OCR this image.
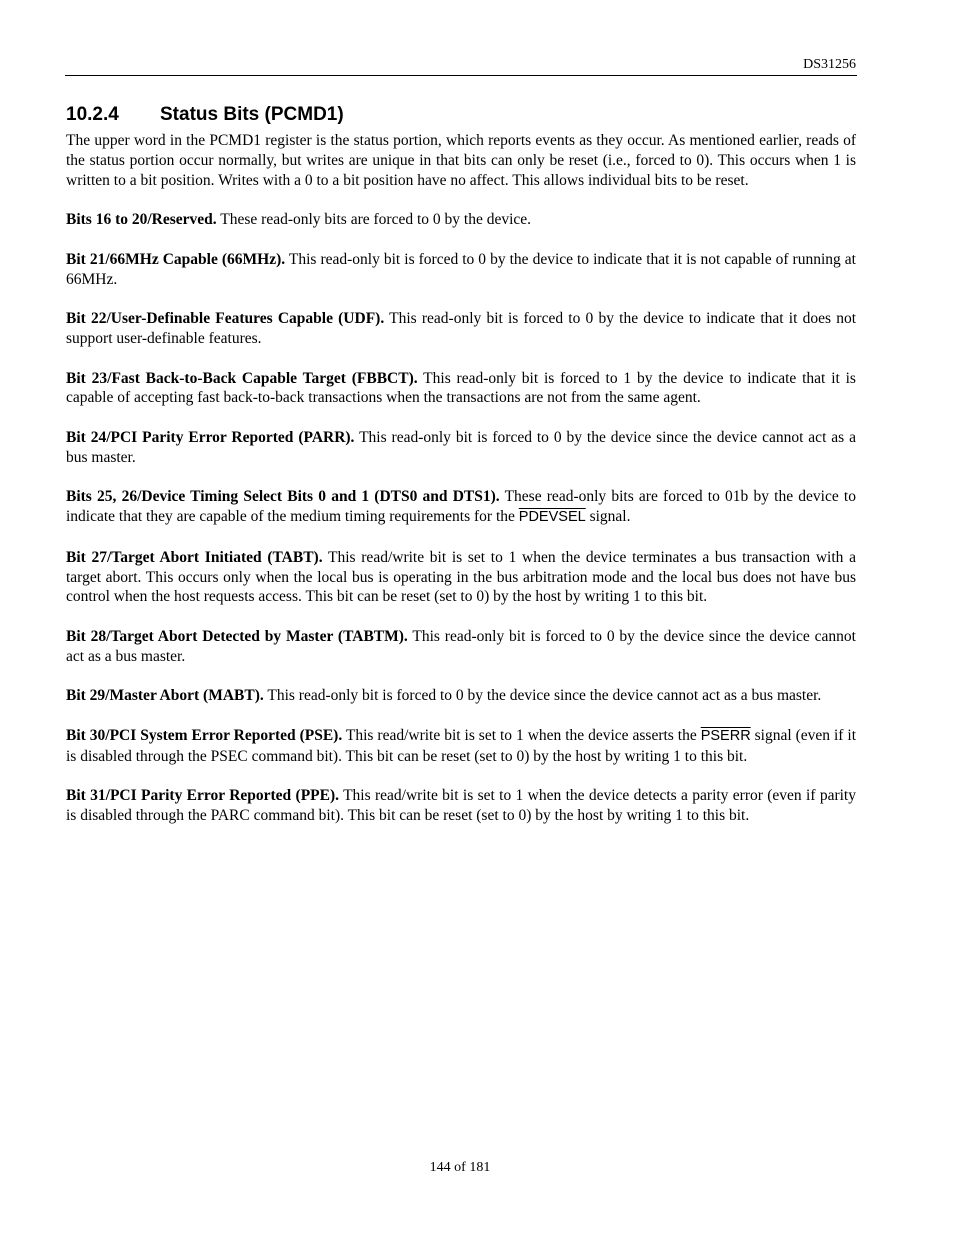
DS31256
10.2.4 Status Bits (PCMD1)

The upper word in the PCMD1 register is the status portion, which reports events as they occur. As mentioned earlier, reads of the status portion occur normally, but writes are unique in that bits can only be reset (i.e., forced to 0). This occurs when 1 is written to a bit position. Writes with a 0 to a bit position have no affect. This allows individual bits to be reset.

Bits 16 to 20/Reserved. These read-only bits are forced to 0 by the device.

Bit 21/66MHz Capable (66MHz). This read-only bit is forced to 0 by the device to indicate that it is not capable of running at 66MHz.

Bit 22/User-Definable Features Capable (UDF). This read-only bit is forced to 0 by the device to indicate that it does not support user-definable features.

Bit 23/Fast Back-to-Back Capable Target (FBBCT). This read-only bit is forced to 1 by the device to indicate that it is capable of accepting fast back-to-back transactions when the transactions are not from the same agent.

Bit 24/PCI Parity Error Reported (PARR). This read-only bit is forced to 0 by the device since the device cannot act as a bus master.

Bits 25, 26/Device Timing Select Bits 0 and 1 (DTS0 and DTS1). These read-only bits are forced to 01b by the device to indicate that they are capable of the medium timing requirements for the PDEVSEL signal.

Bit 27/Target Abort Initiated (TABT). This read/write bit is set to 1 when the device terminates a bus transaction with a target abort. This occurs only when the local bus is operating in the bus arbitration mode and the local bus does not have bus control when the host requests access. This bit can be reset (set to 0) by the host by writing 1 to this bit.

Bit 28/Target Abort Detected by Master (TABTM). This read-only bit is forced to 0 by the device since the device cannot act as a bus master.

Bit 29/Master Abort (MABT). This read-only bit is forced to 0 by the device since the device cannot act as a bus master.

Bit 30/PCI System Error Reported (PSE). This read/write bit is set to 1 when the device asserts the PSERR signal (even if it is disabled through the PSEC command bit). This bit can be reset (set to 0) by the host by writing 1 to this bit.

Bit 31/PCI Parity Error Reported (PPE). This read/write bit is set to 1 when the device detects a parity error (even if parity is disabled through the PARC command bit). This bit can be reset (set to 0) by the host by writing 1 to this bit.

144 of 181
